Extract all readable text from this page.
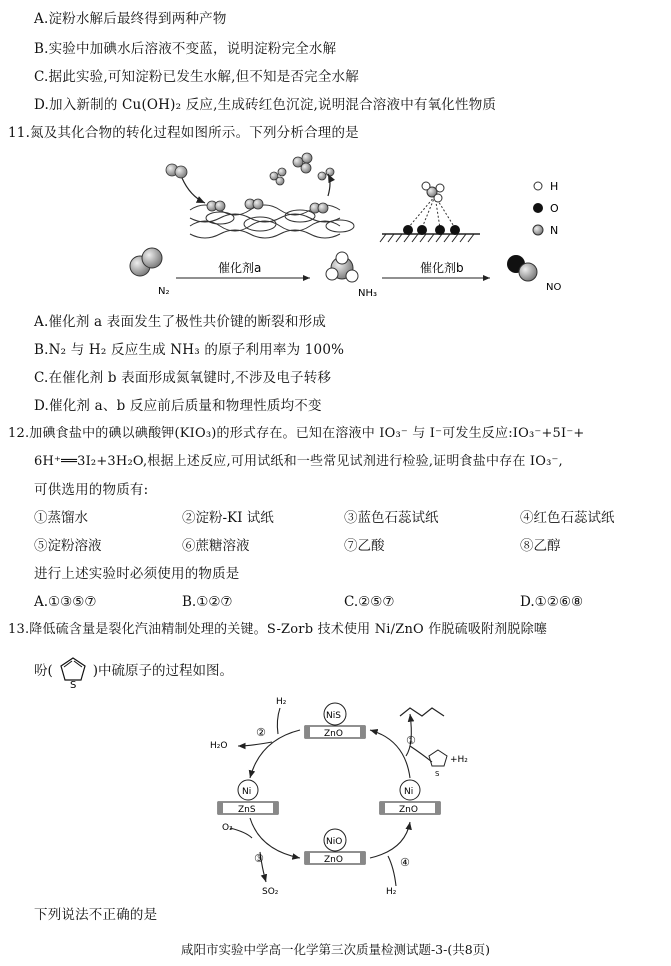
A.淀粉水解后最终得到两种产物
B.实验中加碘水后溶液不变蓝，说明淀粉完全水解
C.据此实验,可知淀粉已发生水解,但不知是否完全水解
D.加入新制的 Cu(OH)₂ 反应,生成砖红色沉淀,说明混合溶液中有氧化性物质
11.氮及其化合物的转化过程如图所示。下列分析合理的是
H
O
N
N₂
催化剂a
NH₃
催化剂b
NO
A.催化剂 a 表面发生了极性共价键的断裂和形成
B.N₂ 与 H₂ 反应生成 NH₃ 的原子利用率为 100%
C.在催化剂 b 表面形成氮氧键时,不涉及电子转移
D.催化剂 a、b 反应前后质量和物理性质均不变
12.加碘食盐中的碘以碘酸钾(KIO₃)的形式存在。已知在溶液中 IO₃⁻ 与 I⁻可发生反应:IO₃⁻+5I⁻+
6H⁺══3I₂+3H₂O,根据上述反应,可用试纸和一些常见试剂进行检验,证明食盐中存在 IO₃⁻,
可供选用的物质有:
①蒸馏水	②淀粉-KI 试纸	③蓝色石蕊试纸	④红色石蕊试纸
⑤淀粉溶液	⑥蔗糖溶液	⑦乙酸	⑧乙醇
进行上述实验时必须使用的物质是
A.①③⑤⑦	B.①②⑦	C.②⑤⑦	D.①②⑥⑧
13.降低硫含量是裂化汽油精制处理的关键。S-Zorb 技术使用 Ni/ZnO 作脱硫吸附剂脱除噻
吩(
S
)中硫原子的过程如图。
ZnO
NiS
ZnS
Ni
ZnO
Ni
ZnO
NiO
S
+H₂
H₂
H₂O
O₂
SO₂	H₂
②
①
③	④
下列说法不正确的是
咸阳市实验中学高一化学第三次质量检测试题-3-(共8页)
